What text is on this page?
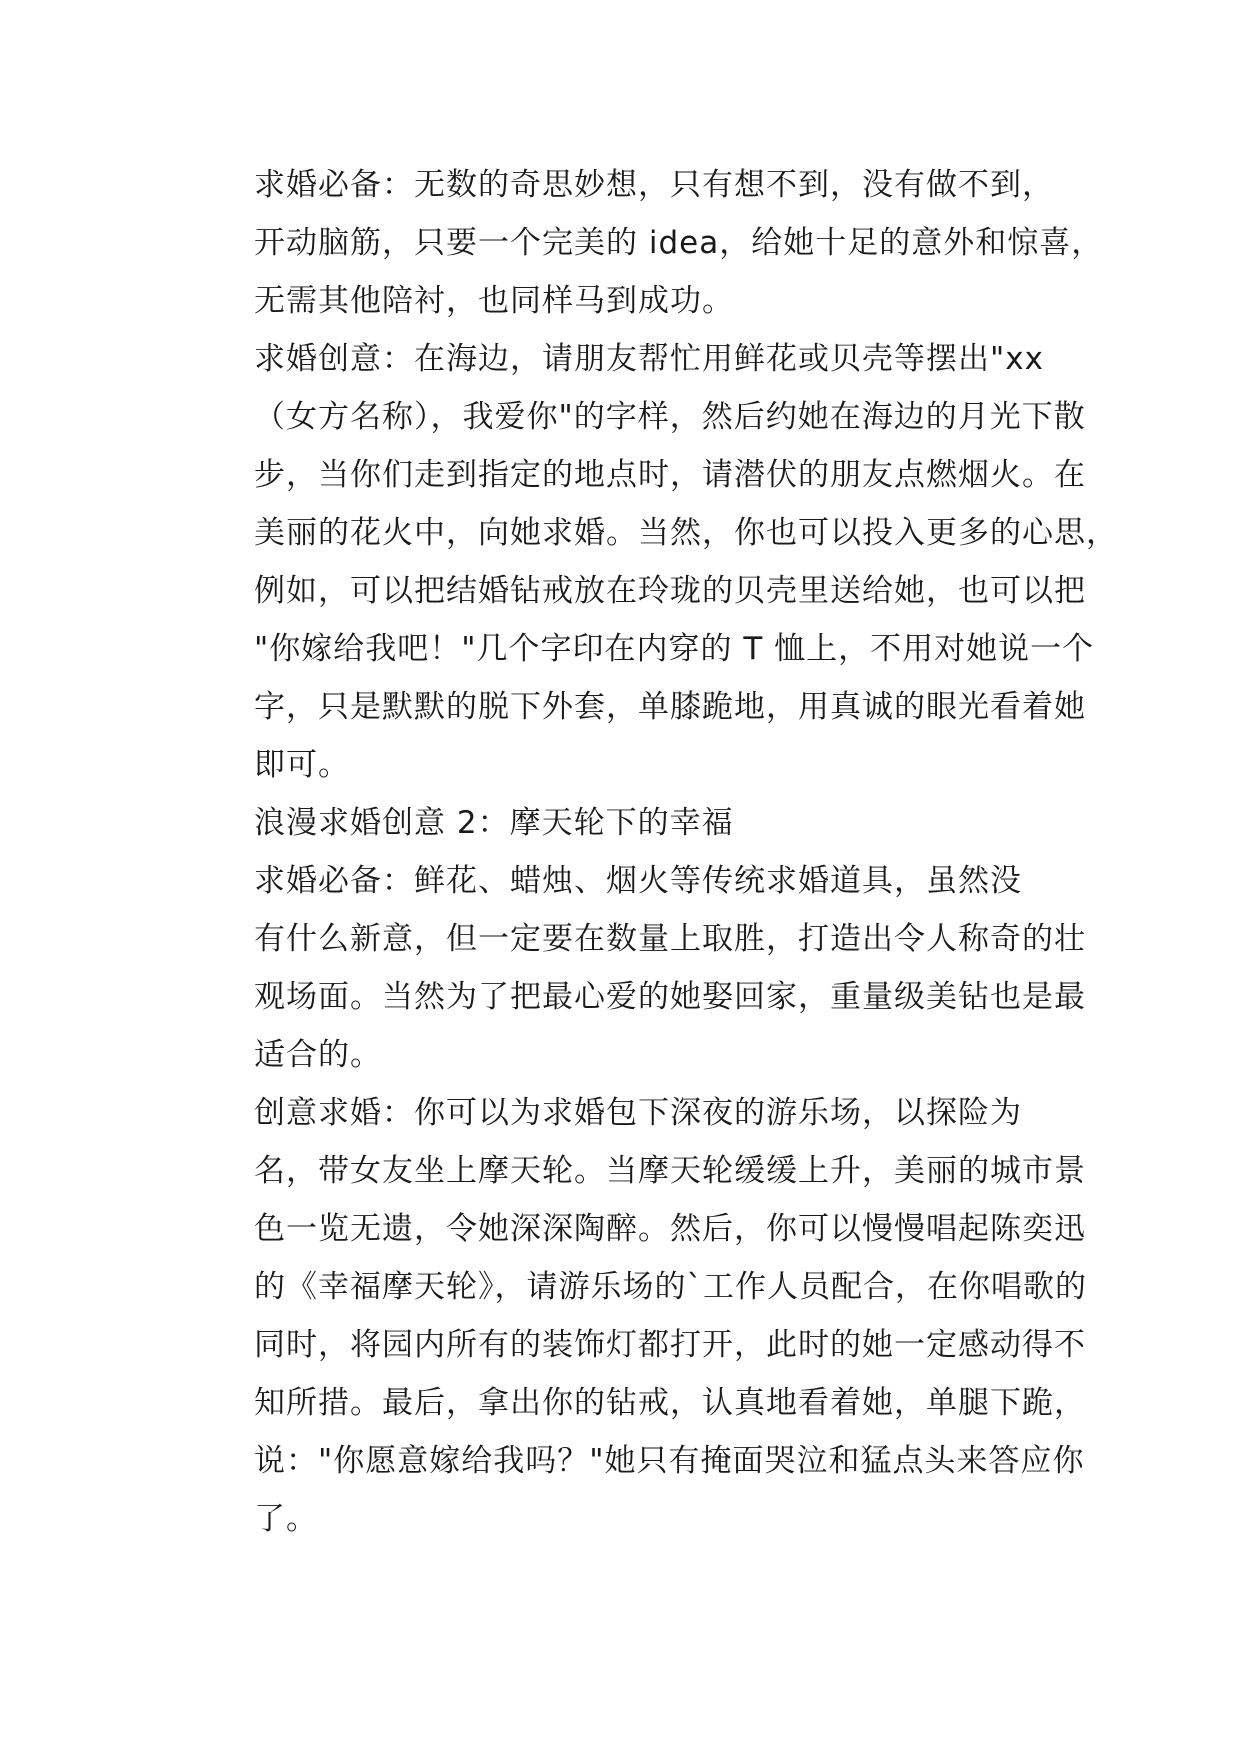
求婚必备：无数的奇思妙想，只有想不到，没有做不到，
开动脑筋，只要一个完美的 idea，给她十足的意外和惊喜，
无需其他陪衬，也同样马到成功。

求婚创意：在海边，请朋友帮忙用鲜花或贝壳等摆出"xx
（女方名称），我爱你"的字样，然后约她在海边的月光下散
步，当你们走到指定的地点时，请潜伏的朋友点燃烟火。在
美丽的花火中，向她求婚。当然，你也可以投入更多的心思，
例如，可以把结婚钻戒放在玲珑的贝壳里送给她，也可以把
"你嫁给我吧！"几个字印在内穿的 T 恤上，不用对她说一个
字，只是默默的脱下外套，单膝跪地，用真诚的眼光看着她
即可。

浪漫求婚创意 2：摩天轮下的幸福

求婚必备：鲜花、蜡烛、烟火等传统求婚道具，虽然没
有什么新意，但一定要在数量上取胜，打造出令人称奇的壮
观场面。当然为了把最心爱的她娶回家，重量级美钻也是最
适合的。

创意求婚：你可以为求婚包下深夜的游乐场，以探险为
名，带女友坐上摩天轮。当摩天轮缓缓上升，美丽的城市景
色一览无遗，令她深深陶醉。然后，你可以慢慢唱起陈奕迅
的《幸福摩天轮》，请游乐场的`工作人员配合，在你唱歌的
同时，将园内所有的装饰灯都打开，此时的她一定感动得不
知所措。最后，拿出你的钻戒，认真地看着她，单腿下跪，
说："你愿意嫁给我吗？"她只有掩面哭泣和猛点头来答应你
了。
